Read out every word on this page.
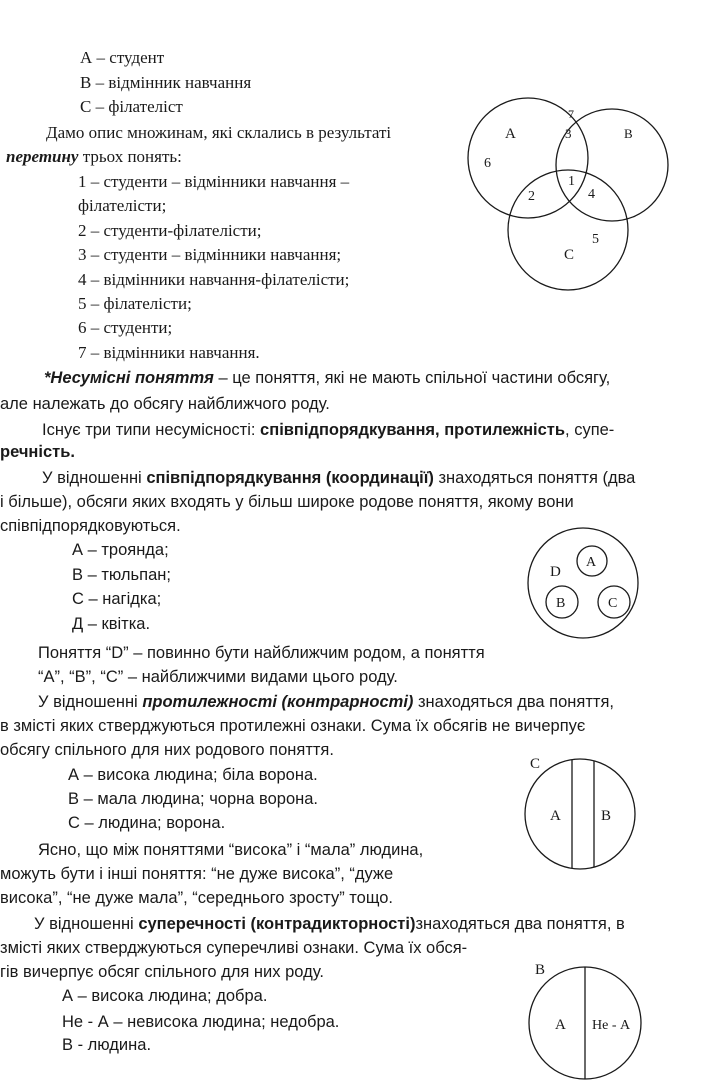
А – студент
В – відмінник навчання
С – філателіст
Дамо опис множинам, які склались в результаті
перетину трьох понять:
1 – студенти – відмінники навчання –
філателісти;
2 – студенти-філателісти;
3 – студенти – відмінники навчання;
4 – відмінники навчання-філателісти;
5 – філателісти;
6 – студенти;
7 – відмінники навчання.
А	В
С
6
3
7
1
2	4
5
*Несумісні поняття – це поняття, які не мають спільної частини обсягу,
але належать до обсягу найближчого роду.
Існує три типи несумісності: співпідпорядкування, протилежність, супе-
речність.
У відношенні співпідпорядкування (координації) знаходяться поняття (два
і більше), обсяги яких входять у більш широке родове поняття, якому вони
співпідпорядковуються.
А – троянда;
В – тюльпан;
С – нагідка;
Д – квітка.
Поняття “D” – повинно бути найближчим родом, а поняття
“А”, “В”, “С” – найближчими видами цього роду.
D
A
B	C
У відношенні протилежності (контрарності) знаходяться два поняття,
в змісті яких стверджуються протилежні ознаки. Сума їх обсягів не вичерпує
обсягу спільного для них родового поняття.
А – висока людина; біла ворона.
В – мала людина; чорна ворона.
С – людина; ворона.
Ясно, що між поняттями “висока” і “мала” людина,
можуть бути і інші поняття: “не дуже висока”, “дуже
висока”, “не дуже мала”, “середнього зросту” тощо.
C
A	B
У відношенні суперечності (контрадикторності)знаходяться два поняття, в
змісті яких стверджуються суперечливі ознаки. Сума їх обся-
гів вичерпує обсяг спільного для них роду.
А – висока людина; добра.
Не - А – невисока людина; недобра.
В - людина.
B
A Не - А
